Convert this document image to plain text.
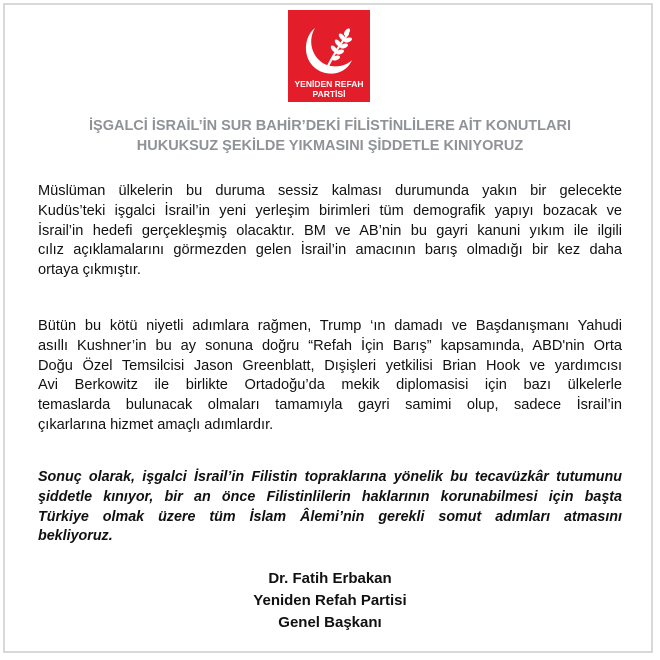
YENİDEN REFAH
PARTİSİ
İŞGALCİ İSRAİL’İN SUR BAHİR’DEKİ FİLİSTİNLİLERE AİT KONUTLARI
HUKUKSUZ ŞEKİLDE YIKMASINI ŞİDDETLE KINIYORUZ
Müslüman ülkelerin bu duruma sessiz kalması durumunda yakın bir gelecekte
Kudüs’teki işgalci İsrail’in yeni yerleşim birimleri tüm demografik yapıyı bozacak ve
İsrail’in hedefi gerçekleşmiş olacaktır. BM ve AB’nin bu gayri kanuni yıkım ile ilgili
cılız açıklamalarını görmezden gelen İsrail’in amacının barış olmadığı bir kez daha
ortaya çıkmıştır.
Bütün bu kötü niyetli adımlara rağmen, Trump ‘ın damadı ve Başdanışmanı Yahudi
asıllı Kushner’in bu ay sonuna doğru “Refah İçin Barış” kapsamında, ABD'nin Orta
Doğu Özel Temsilcisi Jason Greenblatt, Dışişleri yetkilisi Brian Hook ve yardımcısı
Avi Berkowitz ile birlikte Ortadoğu’da mekik diplomasisi için bazı ülkelerle
temaslarda bulunacak olmaları tamamıyla gayri samimi olup, sadece İsrail’in
çıkarlarına hizmet amaçlı adımlardır.
Sonuç olarak, işgalci İsrail’in Filistin topraklarına yönelik bu tecavüzkâr tutumunu
şiddetle kınıyor, bir an önce Filistinlilerin haklarının korunabilmesi için başta
Türkiye olmak üzere tüm İslam Âlemi’nin gerekli somut adımları atmasını
bekliyoruz.
Dr. Fatih Erbakan
Yeniden Refah Partisi
Genel Başkanı
